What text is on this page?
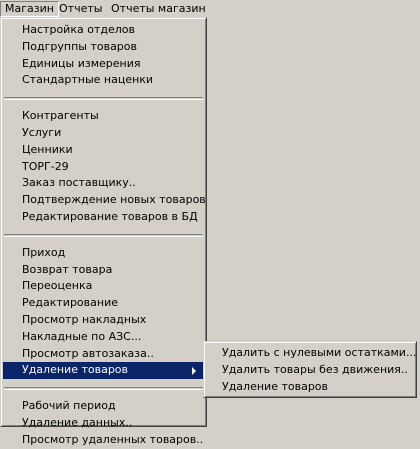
Магазин Отчеты Отчеты магазин
Настройка отделов
Подгруппы товаров
Единицы измерения
Стандартные наценки
Контрагенты
Услуги
Ценники
ТОРГ-29
Заказ поставщику..
Подтверждение новых товаров
Редактирование товаров в БД
Приход
Возврат товара
Переоценка
Редактирование
Просмотр накладных
Накладные по АЗС...
Просмотр автозаказа..
Удаление товаров
Рабочий период
Удаление данных..
Просмотр удаленных товаров..
Удалить с нулевыми остатками...
Удалить товары без движения..
Удаление товаров
